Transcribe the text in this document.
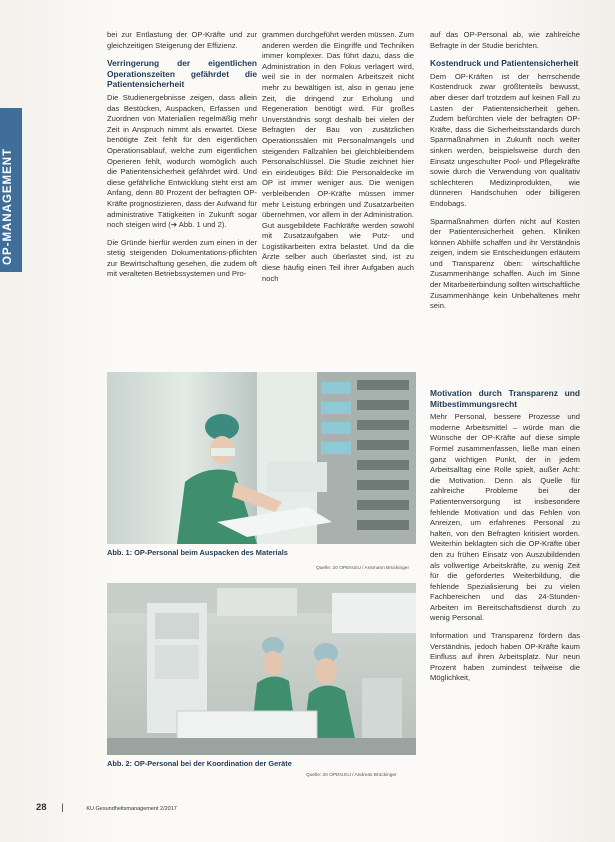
OP-MANAGEMENT

bei zur Entlastung der OP-Kräfte und zur gleichzeitigen Steigerung der Effizienz.

Verringerung der eigentlichen Operationszeiten gefährdet die Patientensicherheit

Die Studienergebnisse zeigen, dass allein das Bestücken, Auspacken, Erfassen und Zuordnen von Materialien regelmäßig mehr Zeit in Anspruch nimmt als erwartet. Diese benötigte Zeit fehlt für den eigentlichen Operationsablauf, welche zum eigentlichen Operieren fehlt, wodurch womöglich auch die Patientensicherheit gefährdet wird. Und diese gefährliche Entwicklung steht erst am Anfang, denn 80 Prozent der befragten OP-Kräfte prognostizieren, dass der Aufwand für administrative Tätigkeiten in Zukunft sogar noch steigen wird (➔ Abb. 1 und 2).

Die Gründe hierfür werden zum einen in der stetig steigenden Dokumentations-pflichten zur Bewirtschaftung gesehen, die zudem oft mit veralteten Betriebssystemen und Pro-

grammen durchgeführt werden müssen. Zum anderen werden die Eingriffe und Techniken immer komplexer. Das führt dazu, dass die Administration in den Fokus verlagert wird, weil sie in der normalen Arbeitszeit nicht mehr zu bewältigen ist, also in genau jene Zeit, die dringend zur Erholung und Regeneration benötigt wird. Für großes Unverständnis sorgt deshalb bei vielen der Befragten der Bau von zusätzlichen Operationssälen mit Personalmangels und steigenden Fallzahlen bei gleichbleibendem Personalschlüssel. Die Studie zeichnet hier ein eindeutiges Bild: Die Personaldecke im OP ist immer weniger aus. Die wenigen verbleibenden OP-Kräfte müssen immer mehr Leistung erbringen und Zusatzarbeiten übernehmen, vor allem in der Administration. Gut ausgebildete Fachkräfte werden sowohl mit Zusatzaufgaben wie Putz- und Logistikarbeiten extra belastet. Und da die Ärzte selber auch überlastet sind, ist zu diese häufig einen Teil ihrer Aufgaben auch noch

auf das OP-Personal ab, wie zahlreiche Befragte in der Studie berichten.

Kostendruck und Patientensicherheit

Dem OP-Kräften ist der herrschende Kostendruck zwar größtenteils bewusst, aber dieser darf trotzdem auf keinen Fall zu Lasten der Patientensicherheit gehen. Zudem befürchten viele der befragten OP-Kräfte, dass die Sicherheitsstandards durch Sparmaßnahmen in Zukunft noch weiter sinken werden, beispielsweise durch den Einsatz ungeschulter Pool- und Pflegekräfte sowie durch die Verwendung von qualitativ schlechteren Medizinprodukten, wie dünneren Handschuhen oder billigeren Endobags.

Sparmaßnahmen dürfen nicht auf Kosten der Patientensicherheit gehen. Kliniken können Abhilfe schaffen und ihr Verständnis zeigen, indem sie Entscheidungen erläutern und Transparenz üben: wirtschaftliche Zusammenhänge schaffen. Auch im Sinne der Mitarbeiterbindung sollten wirtschaftliche Zusammenhänge kein Unbehaltenes mehr sein.

Motivation durch Transparenz und Mitbestimmungsrecht

Mehr Personal, bessere Prozesse und moderne Arbeitsmittel – würde man die Wünsche der OP-Kräfte auf diese simple Formel zusammenfassen, ließe man einen ganz wichtigen Punkt, der in jedem Arbeitsalltag eine Rolle spielt, außer Acht: die Motivation. Denn als Quelle für zahlreiche Probleme bei der Patientenversorgung ist insbesondere fehlende Motivation und das Fehlen von Anreizen, um erfahrenes Personal zu halten, von den Befragten kritisiert worden. Weiterhin beklagten sich die OP-Kräfte über den zu frühen Einsatz von Auszubildenden als vollwertige Arbeitskräfte, zu wenig Zeit für die gefordertes Weiterbildung, die fehlende Spezialisierung bei zu vielen Fachbereichen und das 24-Stunden-Arbeiten im Bereitschaftsdienst durch zu wenig Personal.

Information und Transparenz fördern das Verständnis, jedoch haben OP-Kräfte kaum Einfluss auf ihren Arbeitsplatz. Nur neun Prozent haben zumindest teilweise die Möglichkeit,

Abb. 1: OP-Personal beim Auspacken des Materials
Quelle: 20 OPEN.EU / Ansmann Brückinger
Abb. 2: OP-Personal bei der Koordination der Geräte
Quelle: 20 OPEN.EU / Andreas Brückinger
28 |	KU Gesundheitsmanagement 2/2017
